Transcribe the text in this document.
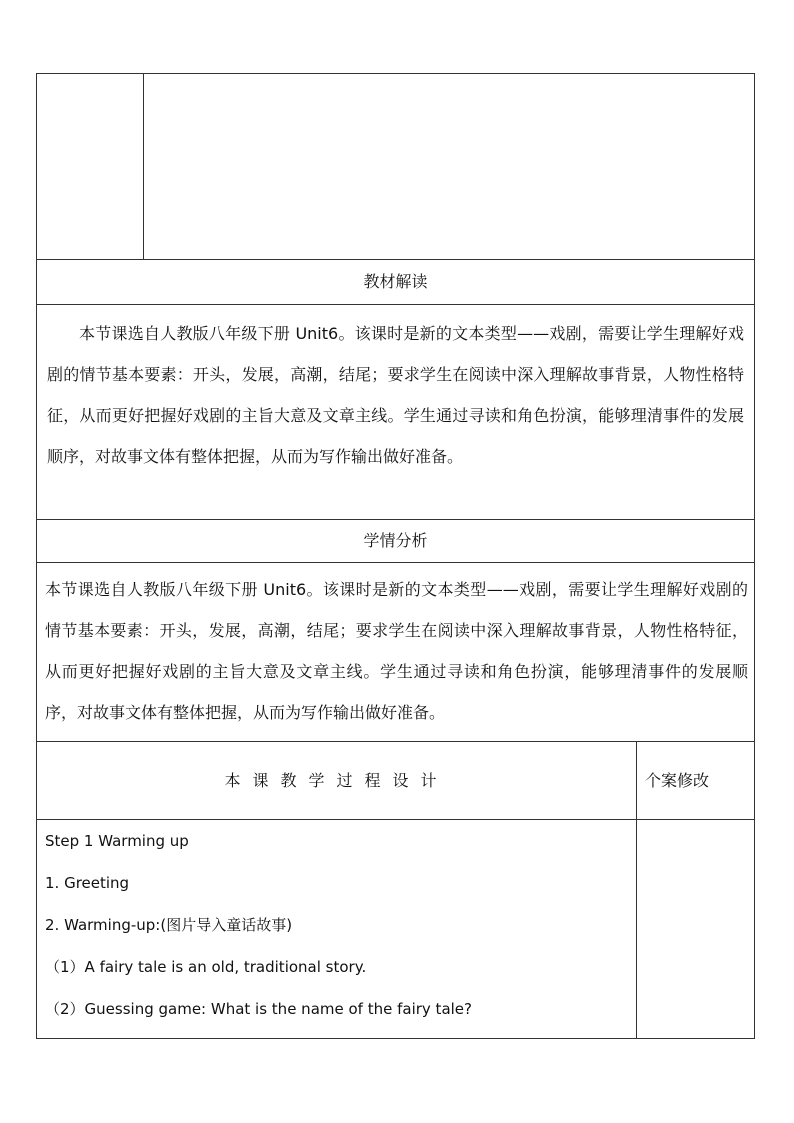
教材解读		
本节课选自人教版八年级下册 Unit6。该课时是新的文本类型——戏剧，需要让学生理解好戏剧的情节基本要素：开头，发展，高潮，结尾；要求学生在阅读中深入理解故事背景，人物性格特征，从而更好把握好戏剧的主旨大意及文章主线。学生通过寻读和角色扮演，能够理清事件的发展顺序，对故事文体有整体把握，从而为写作输出做好准备。		
学情分析		
本节课选自人教版八年级下册 Unit6。该课时是新的文本类型——戏剧，需要让学生理解好戏剧的情节基本要素：开头，发展，高潮，结尾；要求学生在阅读中深入理解故事背景，人物性格特征，从而更好把握好戏剧的主旨大意及文章主线。学生通过寻读和角色扮演，能够理清事件的发展顺序，对故事文体有整体把握，从而为写作输出做好准备。		
本课教学过程设计		个案修改

Step 1 Warming up
1. Greeting
2. Warming-up:(图片导入童话故事)
（1）A fairy tale is an old, traditional story.
（2）Guessing game: What is the name of the fairy tale?		
